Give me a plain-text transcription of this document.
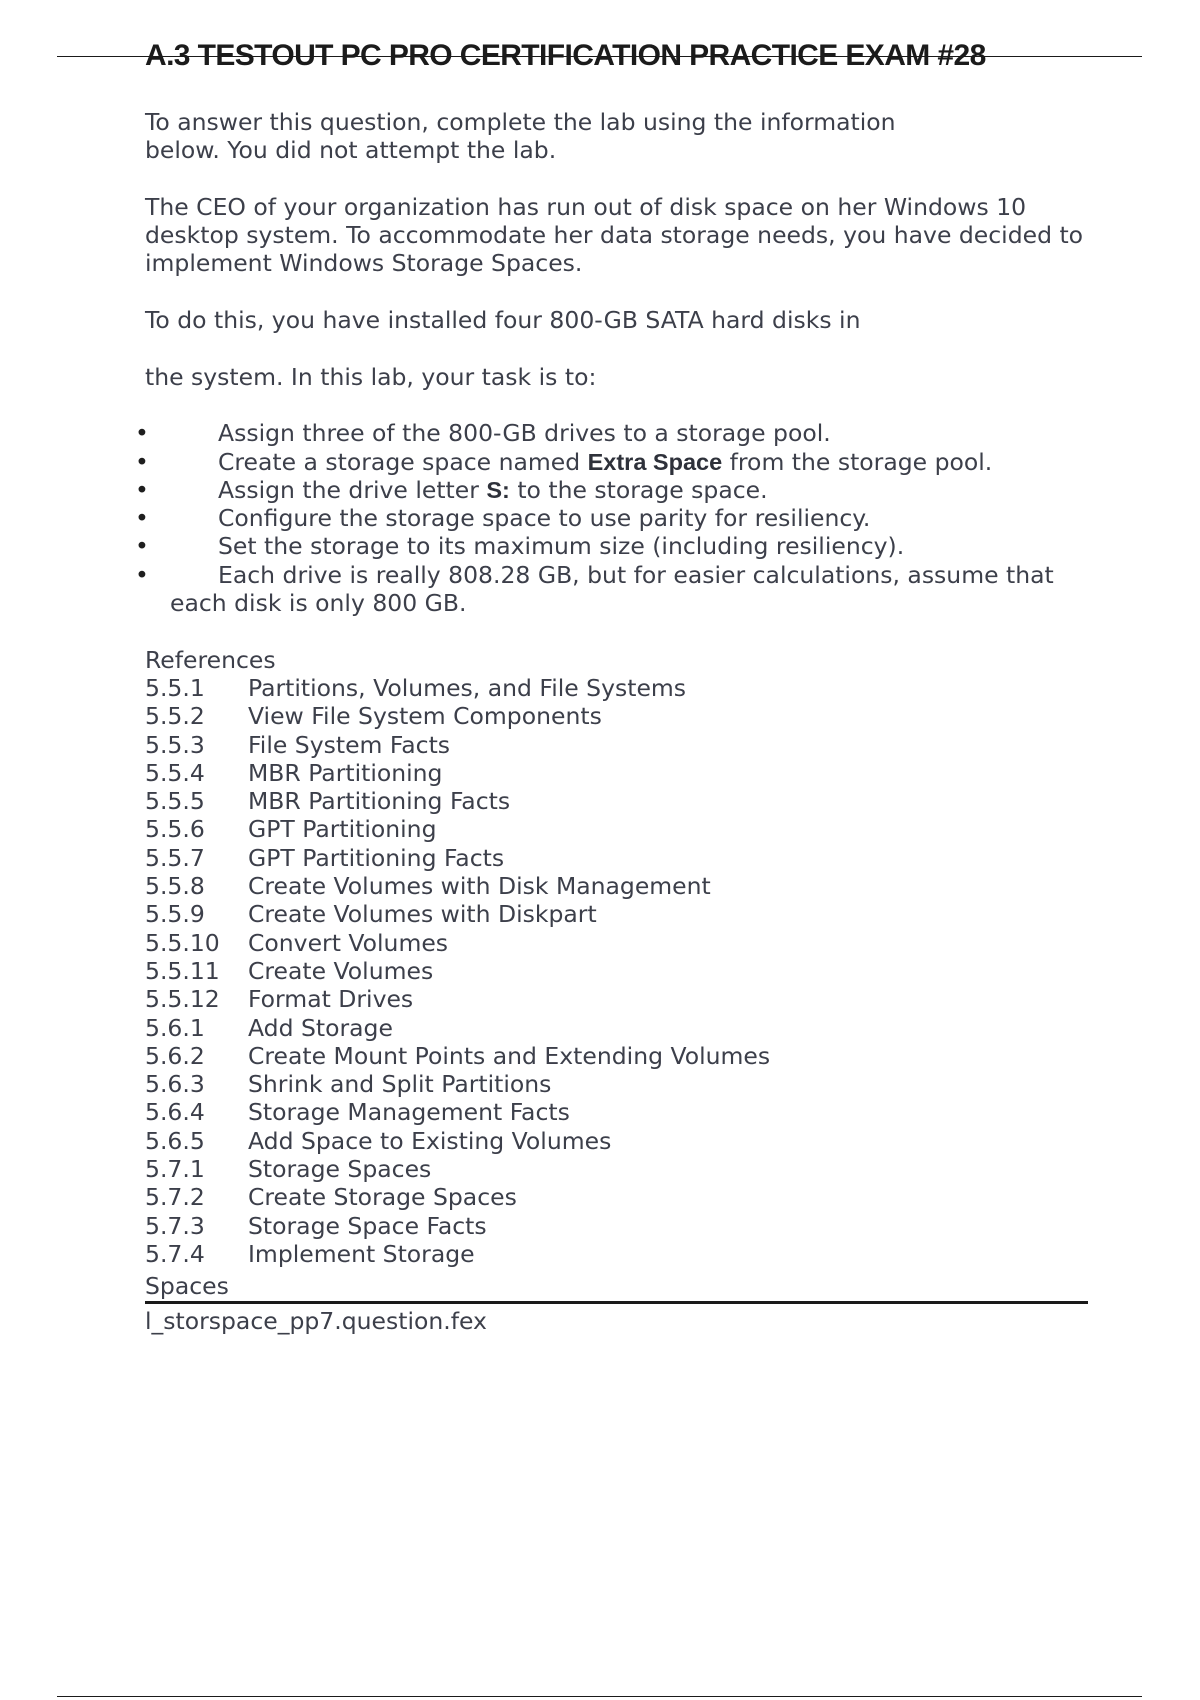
A.3 TESTOUT PC PRO CERTIFICATION PRACTICE EXAM #28

To answer this question, complete the lab using the information
below. You did not attempt the lab.

The CEO of your organization has run out of disk space on her Windows 10 desktop system. To accommodate her data storage needs, you have decided to implement Windows Storage Spaces.

To do this, you have installed four 800-GB SATA hard disks in

the system. In this lab, your task is to:

•	Assign three of the 800-GB drives to a storage pool.
•	Create a storage space named Extra Space from the storage pool.
•	Assign the drive letter S: to the storage space.
•	Configure the storage space to use parity for resiliency.
•	Set the storage to its maximum size (including resiliency).
•	Each drive is really 808.28 GB, but for easier calculations, assume that
each disk is only 800 GB.

References

5.5.1	Partitions, Volumes, and File Systems
5.5.2	View File System Components
5.5.3	File System Facts
5.5.4	MBR Partitioning
5.5.5	MBR Partitioning Facts
5.5.6	GPT Partitioning
5.5.7	GPT Partitioning Facts
5.5.8	Create Volumes with Disk Management
5.5.9	Create Volumes with Diskpart
5.5.10	Convert Volumes
5.5.11	Create Volumes
5.5.12	Format Drives
5.6.1	Add Storage
5.6.2	Create Mount Points and Extending Volumes
5.6.3	Shrink and Split Partitions
5.6.4	Storage Management Facts
5.6.5	Add Space to Existing Volumes
5.7.1	Storage Spaces
5.7.2	Create Storage Spaces
5.7.3	Storage Space Facts
5.7.4	Implement Storage

Spaces

l_storspace_pp7.question.fex
